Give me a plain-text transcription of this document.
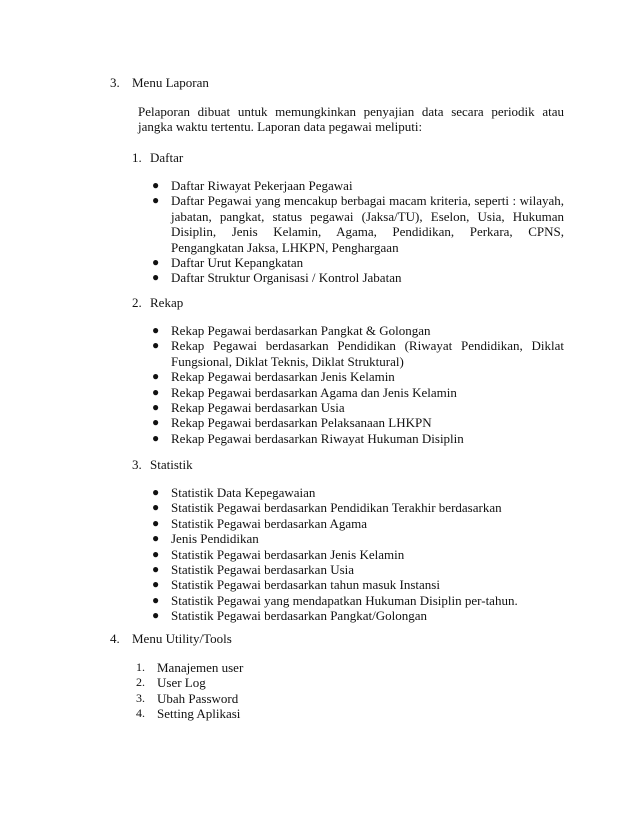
3. Menu Laporan
Pelaporan dibuat untuk memungkinkan penyajian data secara periodik atau jangka waktu tertentu. Laporan data pegawai meliputi:
1. Daftar
● Daftar Riwayat Pekerjaan Pegawai
● Daftar Pegawai yang mencakup berbagai macam kriteria, seperti : wilayah, jabatan, pangkat, status pegawai (Jaksa/TU), Eselon, Usia, Hukuman Disiplin, Jenis Kelamin, Agama, Pendidikan, Perkara, CPNS, Pengangkatan Jaksa, LHKPN, Penghargaan
● Daftar Urut Kepangkatan
● Daftar Struktur Organisasi / Kontrol Jabatan
2. Rekap
● Rekap Pegawai berdasarkan Pangkat & Golongan
● Rekap Pegawai berdasarkan Pendidikan (Riwayat Pendidikan, Diklat Fungsional, Diklat Teknis, Diklat Struktural)
● Rekap Pegawai berdasarkan Jenis Kelamin
● Rekap Pegawai berdasarkan Agama dan Jenis Kelamin
● Rekap Pegawai berdasarkan Usia
● Rekap Pegawai berdasarkan Pelaksanaan LHKPN
● Rekap Pegawai berdasarkan Riwayat Hukuman Disiplin
3. Statistik
● Statistik Data Kepegawaian
● Statistik Pegawai berdasarkan Pendidikan Terakhir berdasarkan
● Statistik Pegawai berdasarkan Agama
● Jenis Pendidikan
● Statistik Pegawai berdasarkan Jenis Kelamin
● Statistik Pegawai berdasarkan Usia
● Statistik Pegawai berdasarkan tahun masuk Instansi
● Statistik Pegawai yang mendapatkan Hukuman Disiplin per-tahun.
● Statistik Pegawai berdasarkan Pangkat/Golongan
4. Menu Utility/Tools
1. Manajemen user
2. User Log
3. Ubah Password
4. Setting Aplikasi
